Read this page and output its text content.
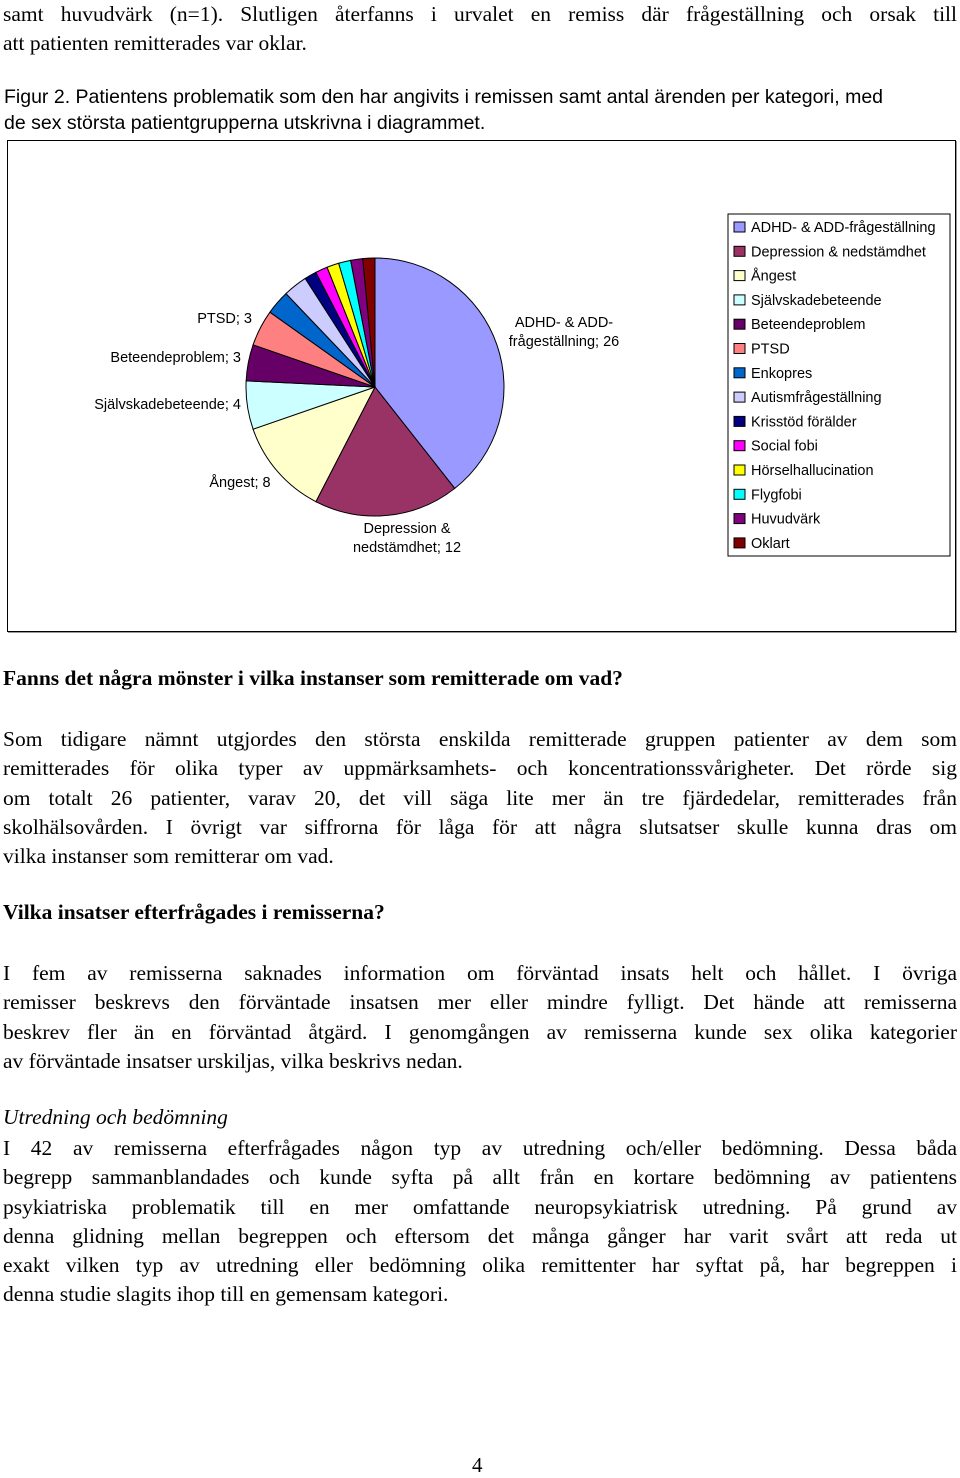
samt huvudvärk (n=1). Slutligen återfanns i urvalet en remiss där frågeställning och orsak till
att patienten remitterades var oklar.
Figur 2. Patientens problematik som den har angivits i remissen samt antal ärenden per kategori, med
de sex största patientgrupperna utskrivna i diagrammet.
ADHD- & ADD-
frågeställning; 26
Depression &
nedstämdhet; 12
Ångest; 8
Självskadebeteende; 4
Beteendeproblem; 3
PTSD; 3
ADHD- & ADD-frågeställning
Depression & nedstämdhet
Ångest
Självskadebeteende
Beteendeproblem
PTSD
Enkopres
Autismfrågeställning
Krisstöd förälder
Social fobi
Hörselhallucination
Flygfobi
Huvudvärk
Oklart
Fanns det några mönster i vilka instanser som remitterade om vad?
Som tidigare nämnt utgjordes den största enskilda remitterade gruppen patienter av dem som
remitterades för olika typer av uppmärksamhets- och koncentrationssvårigheter. Det rörde sig
om totalt 26 patienter, varav 20, det vill säga lite mer än tre fjärdedelar, remitterades från
skolhälsovården. I övrigt var siffrorna för låga för att några slutsatser skulle kunna dras om
vilka instanser som remitterar om vad.
Vilka insatser efterfrågades i remisserna?
I fem av remisserna saknades information om förväntad insats helt och hållet. I övriga
remisser beskrevs den förväntade insatsen mer eller mindre fylligt. Det hände att remisserna
beskrev fler än en förväntad åtgärd. I genomgången av remisserna kunde sex olika kategorier
av förväntade insatser urskiljas, vilka beskrivs nedan.
Utredning och bedömning
I 42 av remisserna efterfrågades någon typ av utredning och/eller bedömning. Dessa båda
begrepp sammanblandades och kunde syfta på allt från en kortare bedömning av patientens
psykiatriska problematik till en mer omfattande neuropsykiatrisk utredning. På grund av
denna glidning mellan begreppen och eftersom det många gånger har varit svårt att reda ut
exakt vilken typ av utredning eller bedömning olika remittenter har syftat på, har begreppen i
denna studie slagits ihop till en gemensam kategori.
4
